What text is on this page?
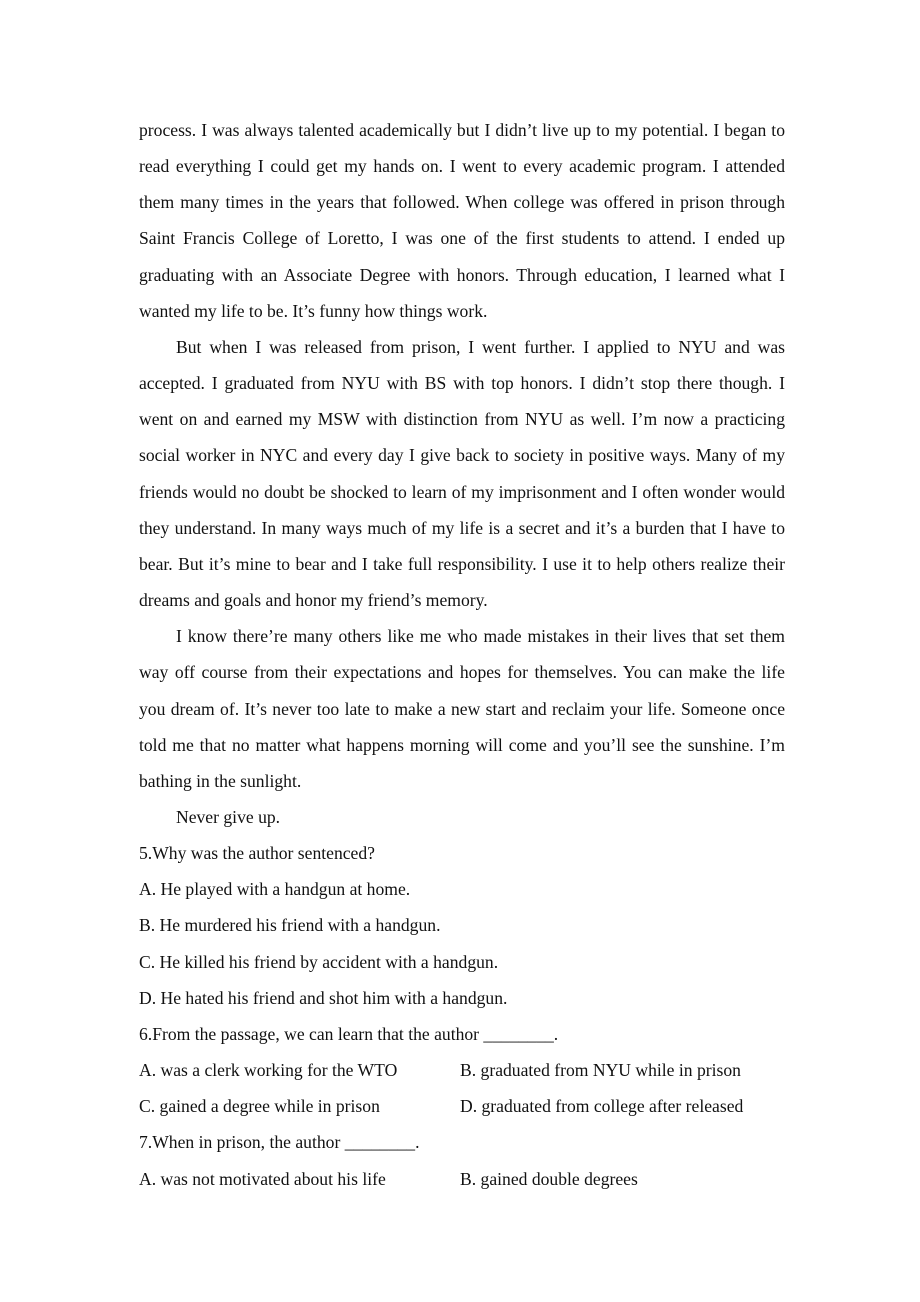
process. I was always talented academically but I didn’t live up to my potential. I began to read everything I could get my hands on. I went to every academic program. I attended them many times in the years that followed. When college was offered in prison through Saint Francis College of Loretto, I was one of the first students to attend. I ended up graduating with an Associate Degree with honors. Through education, I learned what I wanted my life to be. It’s funny how things work.

But when I was released from prison, I went further. I applied to NYU and was accepted. I graduated from NYU with BS with top honors. I didn’t stop there though. I went on and earned my MSW with distinction from NYU as well. I’m now a practicing social worker in NYC and every day I give back to society in positive ways. Many of my friends would no doubt be shocked to learn of my imprisonment and I often wonder would they understand. In many ways much of my life is a secret and it’s a burden that I have to bear. But it’s mine to bear and I take full responsibility. I use it to help others realize their dreams and goals and honor my friend’s memory.

I know there’re many others like me who made mistakes in their lives that set them way off course from their expectations and hopes for themselves. You can make the life you dream of. It’s never too late to make a new start and reclaim your life. Someone once told me that no matter what happens morning will come and you’ll see the sunshine. I’m bathing in the sunlight.

Never give up.

5.Why was the author sentenced?

A. He played with a handgun at home.

B. He murdered his friend with a handgun.

C. He killed his friend by accident with a handgun.

D. He hated his friend and shot him with a handgun.

6.From the passage, we can learn that the author ________.

A. was a clerk working for the WTO	B. graduated from NYU while in prison
C. gained a degree while in prison	D. graduated from college after released

7.When in prison, the author ________.

A. was not motivated about his life	B. gained double degrees
